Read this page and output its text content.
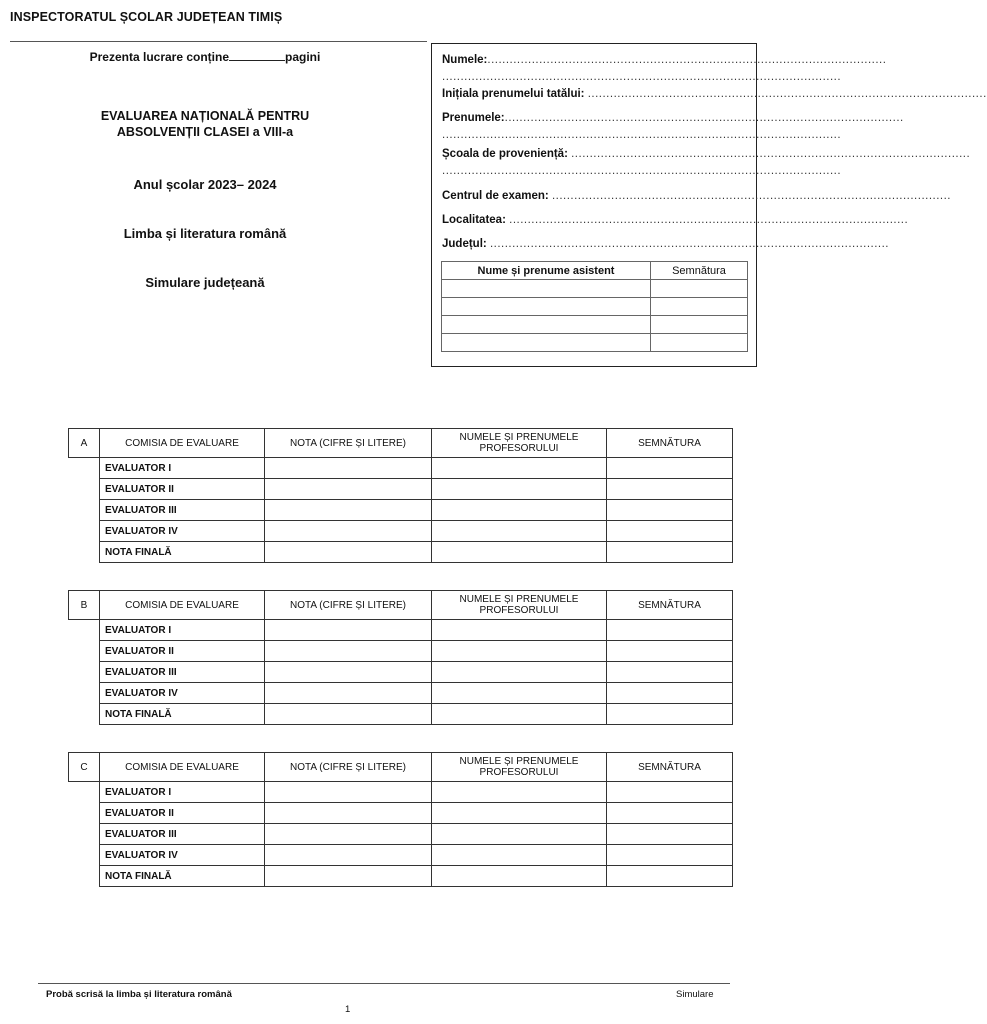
INSPECTORATUL ȘCOLAR JUDEȚEAN TIMIȘ
Prezenta lucrare conține	pagini
EVALUAREA NAȚIONALĂ PENTRU
ABSOLVENȚII CLASEI a VIII-a
Anul școlar 2023– 2024
Limba și literatura română
Simulare județeană
Numele:............................................................................................................
............................................................................................................
Inițiala prenumelui tatălui: ............................................................................................................
Prenumele:............................................................................................................
............................................................................................................
Școala de proveniență: ............................................................................................................
............................................................................................................
Centrul de examen: ............................................................................................................
Localitatea: ............................................................................................................
Județul: ............................................................................................................
Nume și prenume asistent	Semnătura

A	COMISIA DE EVALUARE	NOTA (CIFRE ȘI LITERE)	NUMELE ȘI PRENUMELE PROFESORULUI	SEMNĂTURA
	EVALUATOR I			
	EVALUATOR II			
	EVALUATOR III			
	EVALUATOR IV			
	NOTA FINALĂ			
B	COMISIA DE EVALUARE	NOTA (CIFRE ȘI LITERE)	NUMELE ȘI PRENUMELE PROFESORULUI	SEMNĂTURA
	EVALUATOR I			
	EVALUATOR II			
	EVALUATOR III			
	EVALUATOR IV			
	NOTA FINALĂ			
C	COMISIA DE EVALUARE	NOTA (CIFRE ȘI LITERE)	NUMELE ȘI PRENUMELE PROFESORULUI	SEMNĂTURA
	EVALUATOR I			
	EVALUATOR II			
	EVALUATOR III			
	EVALUATOR IV			
	NOTA FINALĂ			
Probă scrisă la limba și literatura română	Simulare
1
